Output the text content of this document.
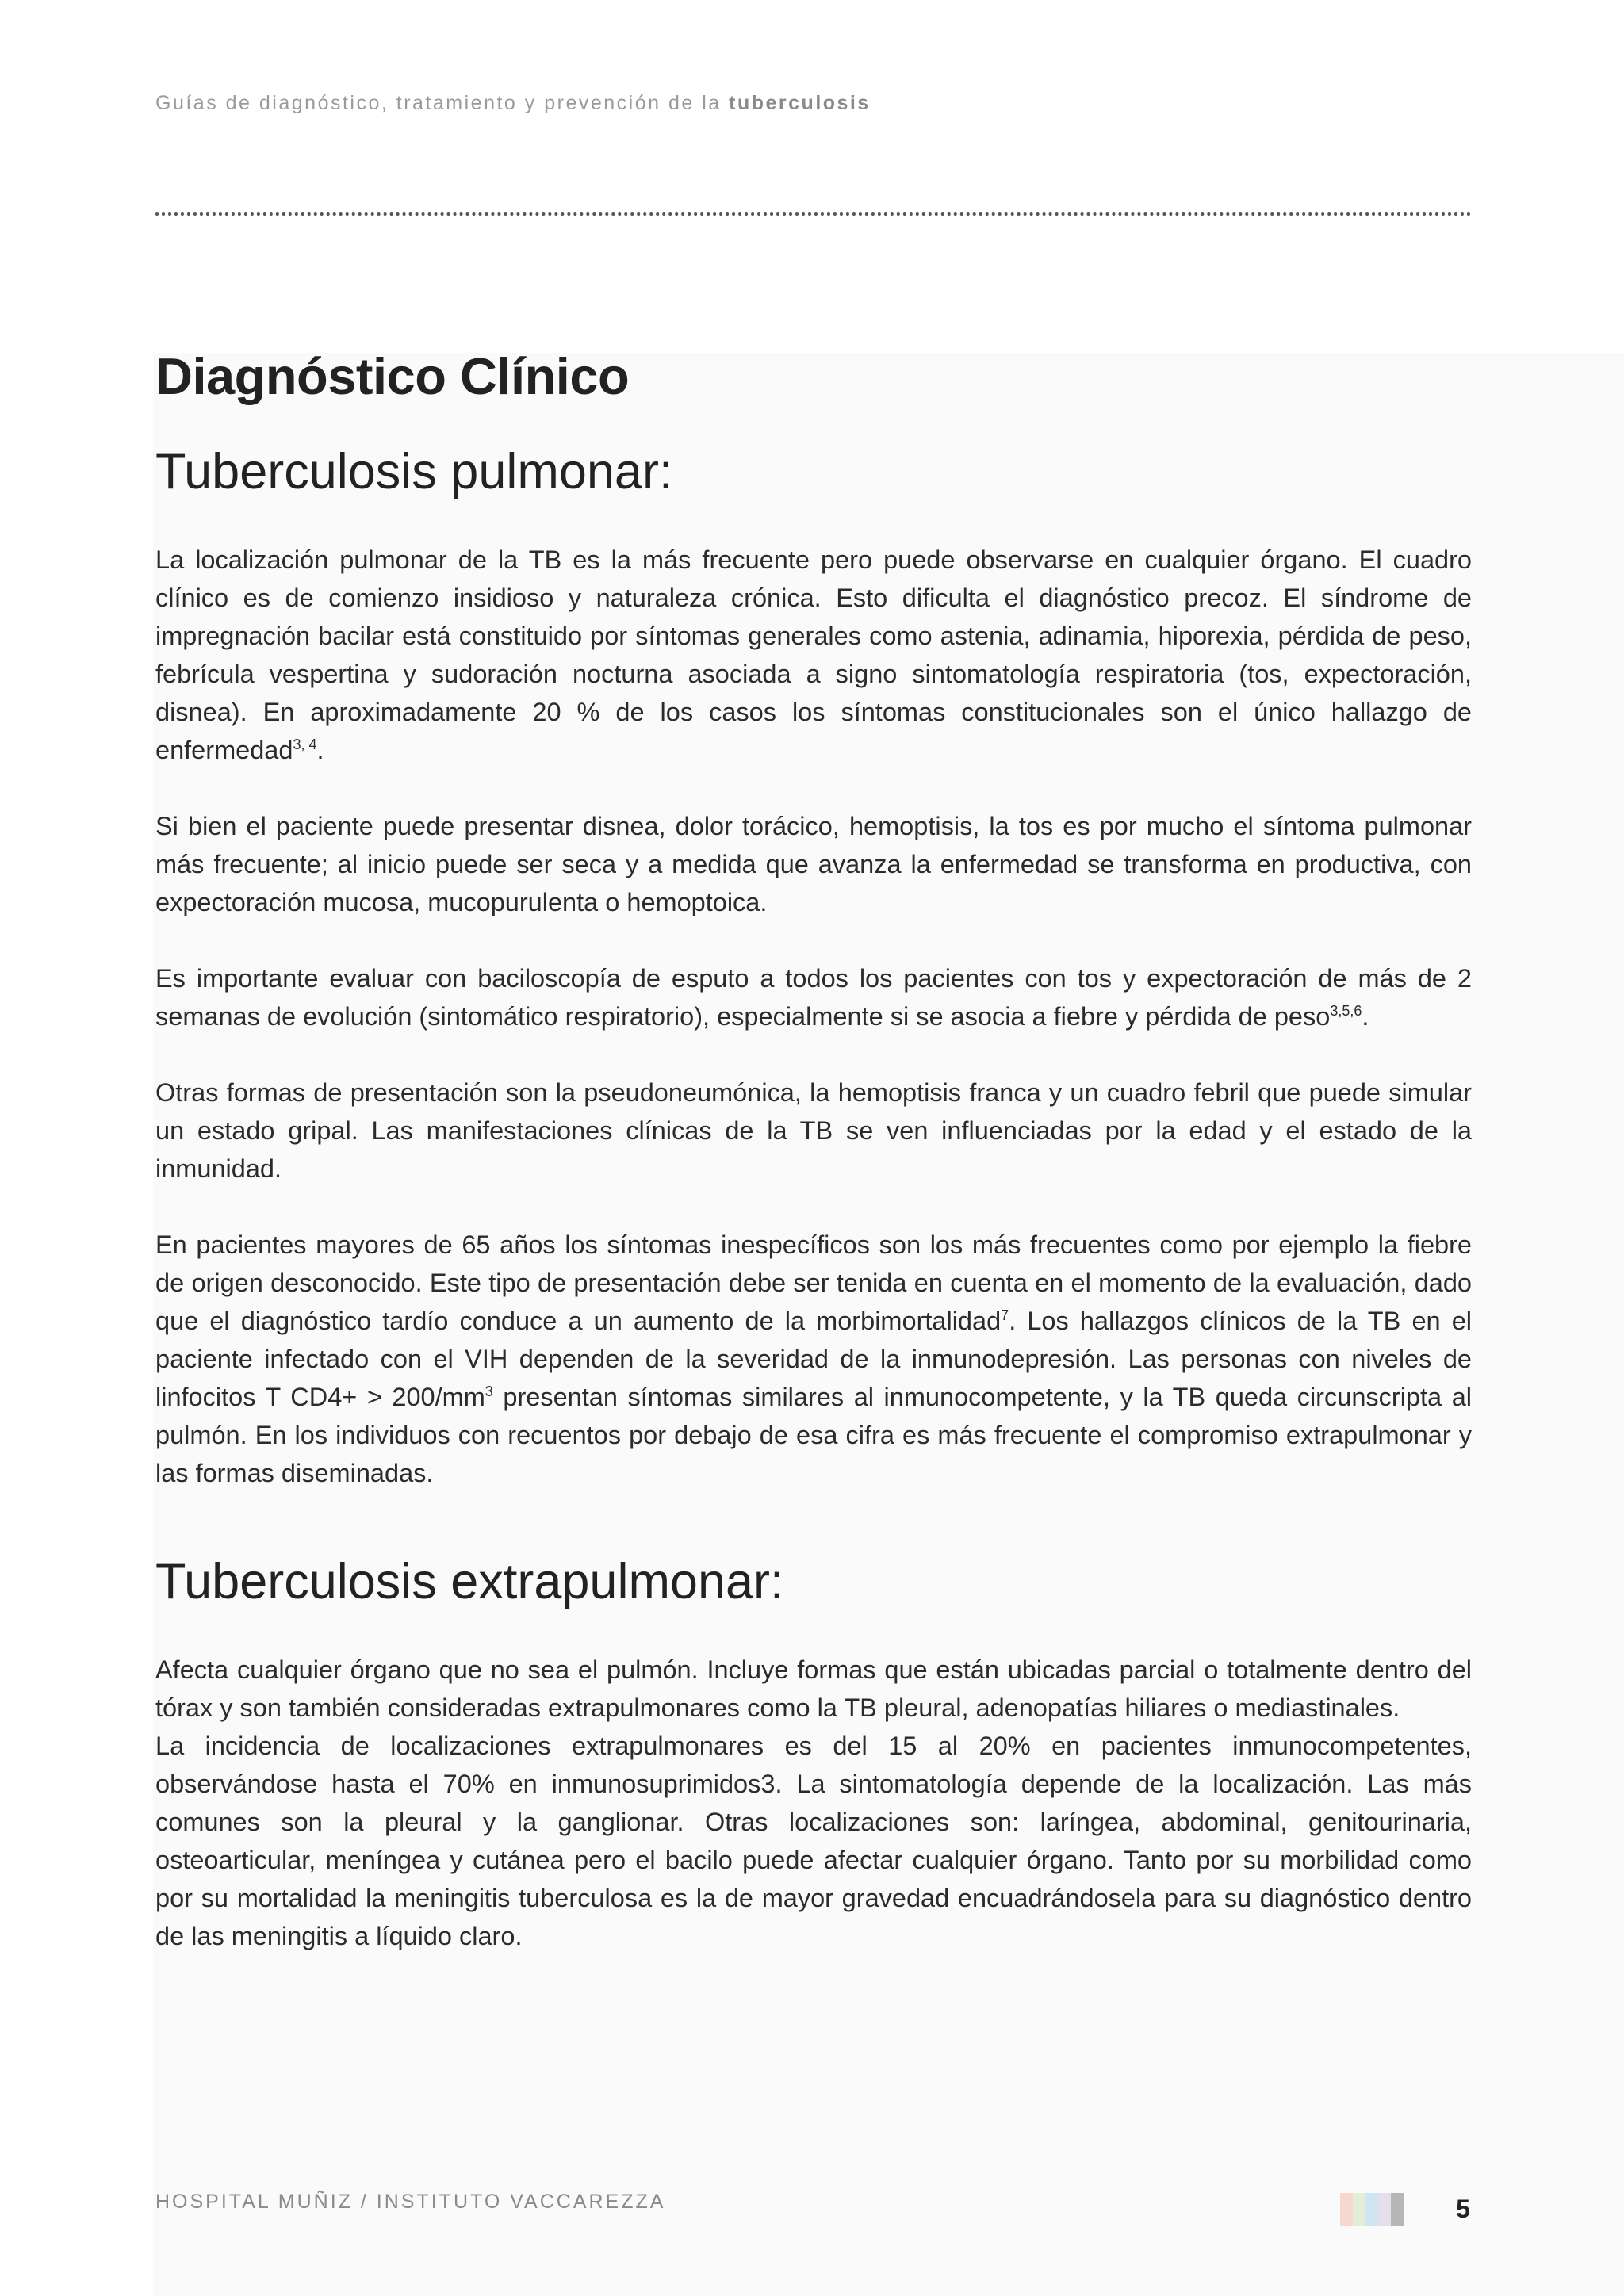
Guías de diagnóstico, tratamiento y prevención de la tuberculosis
Diagnóstico Clínico
Tuberculosis pulmonar:

La localización pulmonar de la TB es la más frecuente pero puede observarse en cualquier órgano. El cuadro clínico es de comienzo insidioso y naturaleza crónica. Esto dificulta el diagnóstico precoz. El síndrome de impregnación bacilar está constituido por síntomas generales como astenia, adinamia, hiporexia, pérdida de peso, febrícula vespertina y sudoración nocturna asociada a signo sintomatología respiratoria (tos, expectoración, disnea). En aproximadamente 20 % de los casos los síntomas constitucionales son el único hallazgo de enfermedad$^{3, 4}$.

Si bien el paciente puede presentar disnea, dolor torácico, hemoptisis, la tos es por mucho el síntoma pulmonar más frecuente; al inicio puede ser seca y a medida que avanza la enfermedad se transforma en productiva, con expectoración mucosa, mucopurulenta o hemoptoica.

Es importante evaluar con baciloscopía de esputo a todos los pacientes con tos y expectoración de más de 2 semanas de evolución (sintomático respiratorio), especialmente si se asocia a fiebre y pérdida de peso$^{3,5,6}$.

Otras formas de presentación son la pseudoneumónica, la hemoptisis franca y un cuadro febril que puede simular un estado gripal. Las manifestaciones clínicas de la TB se ven influenciadas por la edad y el estado de la inmunidad.

En pacientes mayores de 65 años los síntomas inespecíficos son los más frecuentes como por ejemplo la fiebre de origen desconocido. Este tipo de presentación debe ser tenida en cuenta en el momento de la evaluación, dado que el diagnóstico tardío conduce a un aumento de la morbimortalidad$^7$. Los hallazgos clínicos de la TB en el paciente infectado con el VIH dependen de la severidad de la inmunodepresión. Las personas con niveles de linfocitos T $CD4+ > 200/mm^3$ presentan síntomas similares al inmunocompetente, y la TB queda circunscripta al pulmón. En los individuos con recuentos por debajo de esa cifra es más frecuente el compromiso extrapulmonar y las formas diseminadas.

Tuberculosis extrapulmonar:

Afecta cualquier órgano que no sea el pulmón. Incluye formas que están ubicadas parcial o totalmente dentro del tórax y son también consideradas extrapulmonares como la TB pleural, adenopatías hiliares o mediastinales.

La incidencia de localizaciones extrapulmonares es del 15 al 20% en pacientes inmunocompetentes, observándose hasta el 70% en inmunosuprimidos3. La sintomatología depende de la localización. Las más comunes son la pleural y la ganglionar. Otras localizaciones son: laríngea, abdominal, genitourinaria, osteoarticular, meníngea y cutánea pero el bacilo puede afectar cualquier órgano. Tanto por su morbilidad como por su mortalidad la meningitis tuberculosa es la de mayor gravedad encuadrándosela para su diagnóstico dentro de las meningitis a líquido claro.

HOSPITAL MUÑIZ / INSTITUTO VACCAREZZA	5
